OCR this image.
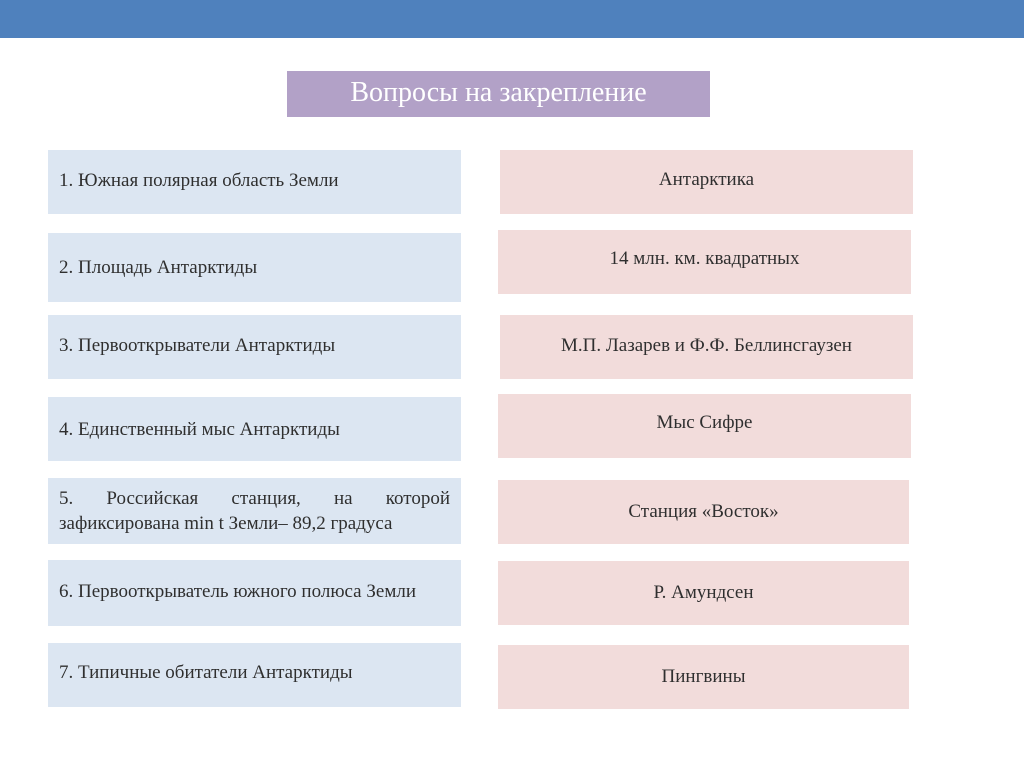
Вопросы на закрепление
1. Южная полярная область Земли
2. Площадь Антарктиды
3. Первооткрыватели Антарктиды
4. Единственный мыс Антарктиды
5. Российская станция, на которой зафиксирована min t Земли– 89,2 градуса
6. Первооткрыватель южного полюса Земли
7. Типичные обитатели Антарктиды
Антарктика
14 млн. км. квадратных
М.П. Лазарев и Ф.Ф. Беллинсгаузен
Мыс Сифре
Станция «Восток»
Р. Амундсен
Пингвины
